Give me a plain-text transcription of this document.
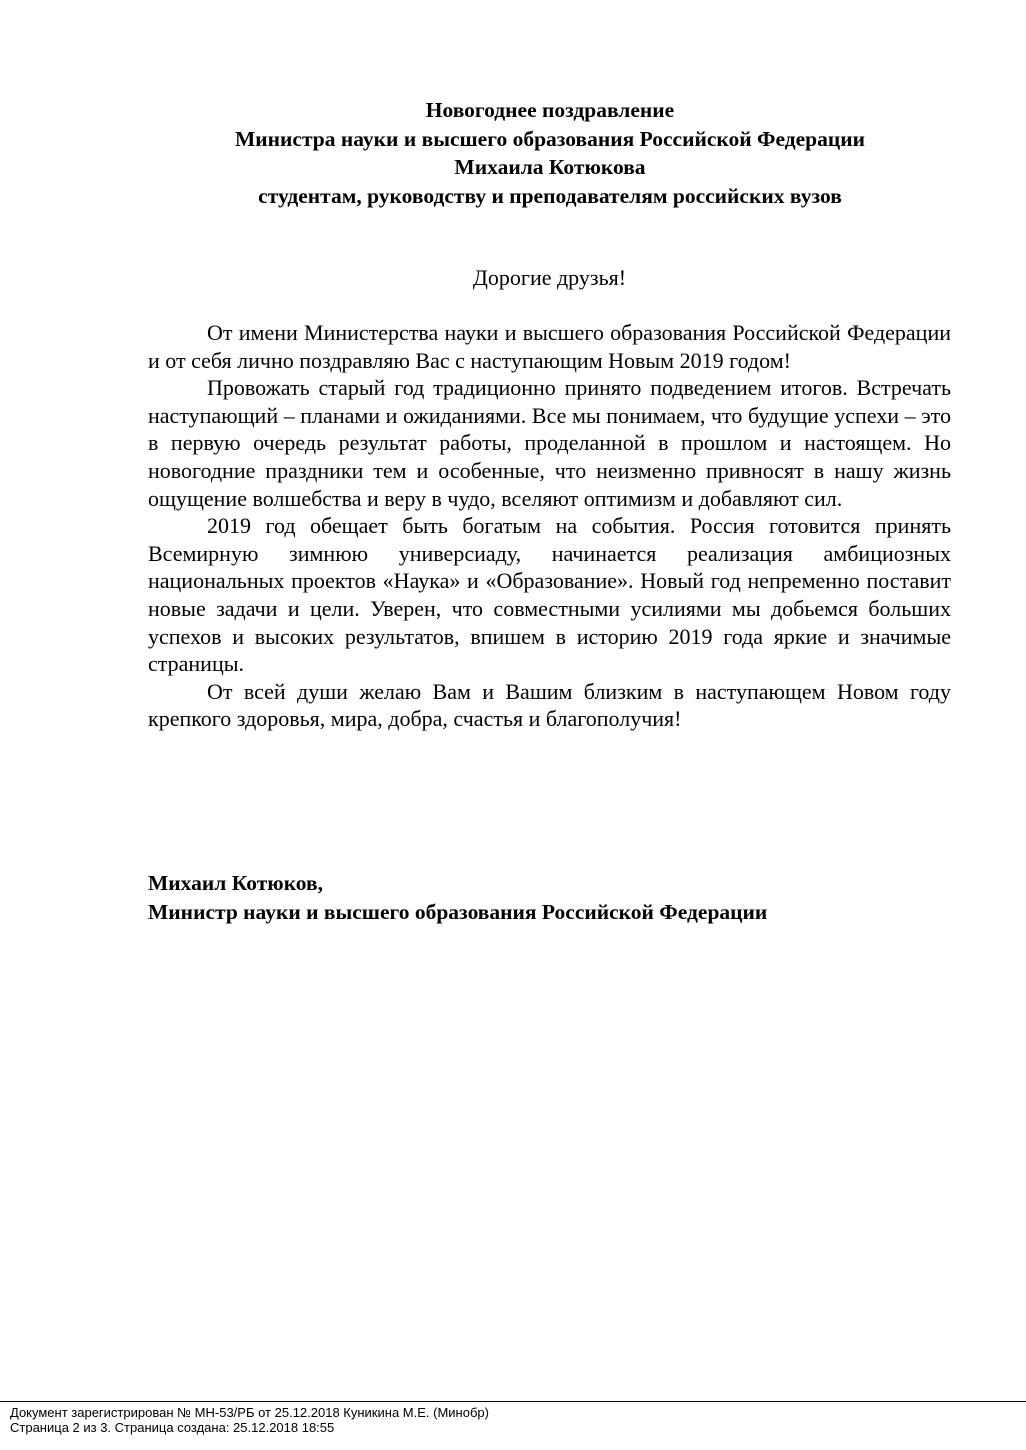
Новогоднее поздравление
Министра науки и высшего образования Российской Федерации
Михаила Котюкова
студентам, руководству и преподавателям российских вузов
Дорогие друзья!

От имени Министерства науки и высшего образования Российской Федерации и от себя лично поздравляю Вас с наступающим Новым 2019 годом!

Провожать старый год традиционно принято подведением итогов. Встречать наступающий – планами и ожиданиями. Все мы понимаем, что будущие успехи – это в первую очередь результат работы, проделанной в прошлом и настоящем. Но новогодние праздники тем и особенные, что неизменно привносят в нашу жизнь ощущение волшебства и веру в чудо, вселяют оптимизм и добавляют сил.

2019 год обещает быть богатым на события. Россия готовится принять Всемирную зимнюю универсиаду, начинается реализация амбициозных национальных проектов «Наука» и «Образование». Новый год непременно поставит новые задачи и цели. Уверен, что совместными усилиями мы добьемся больших успехов и высоких результатов, впишем в историю 2019 года яркие и значимые страницы.

От всей души желаю Вам и Вашим близким в наступающем Новом году крепкого здоровья, мира, добра, счастья и благополучия!

Михаил Котюков,
Министр науки и высшего образования Российской Федерации
Документ зарегистрирован № МН-53/РБ от 25.12.2018 Куникина М.Е. (Минобр)
Страница 2 из 3. Страница создана: 25.12.2018 18:55
